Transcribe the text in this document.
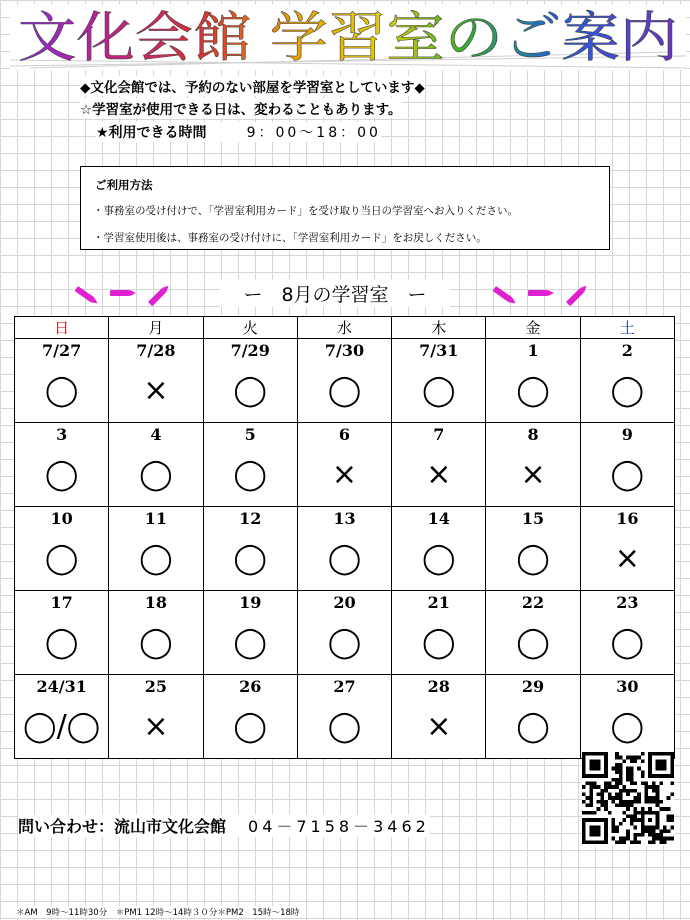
文化会館 学習室のご案内
◆文化会館では、予約のない部屋を学習室としています◆
☆学習室が使用できる日は、変わることもあります。
★利用できる時間	9：00～18：00
ご利用方法
・事務室の受け付けで、「学習室利用カード」を受け取り当日の学習室へお入りください。
・学習室使用後は、事務室の受け付けに、「学習室利用カード」をお戻しください。
ー　8月の学習室　ー
日	月	火	水	木	金	土
7/27	7/28	7/29	7/30	7/31	1	2
◯	×	◯	◯	◯	◯	◯
3	4	5	6	7	8	9
◯	◯	◯	×	×	×	◯
10	11	12	13	14	15	16
◯	◯	◯	◯	◯	◯	×
17	18	19	20	21	22	23
◯	◯	◯	◯	◯	◯	◯
24/31	25	26	27	28	29	30
◯/◯	×	◯	◯	×	◯	◯
問い合わせ：流山市文化会館 04－7158－3462
＊AM　9時～11時30分　＊PM1 12時～14時３０分＊PM2　15時～18時
